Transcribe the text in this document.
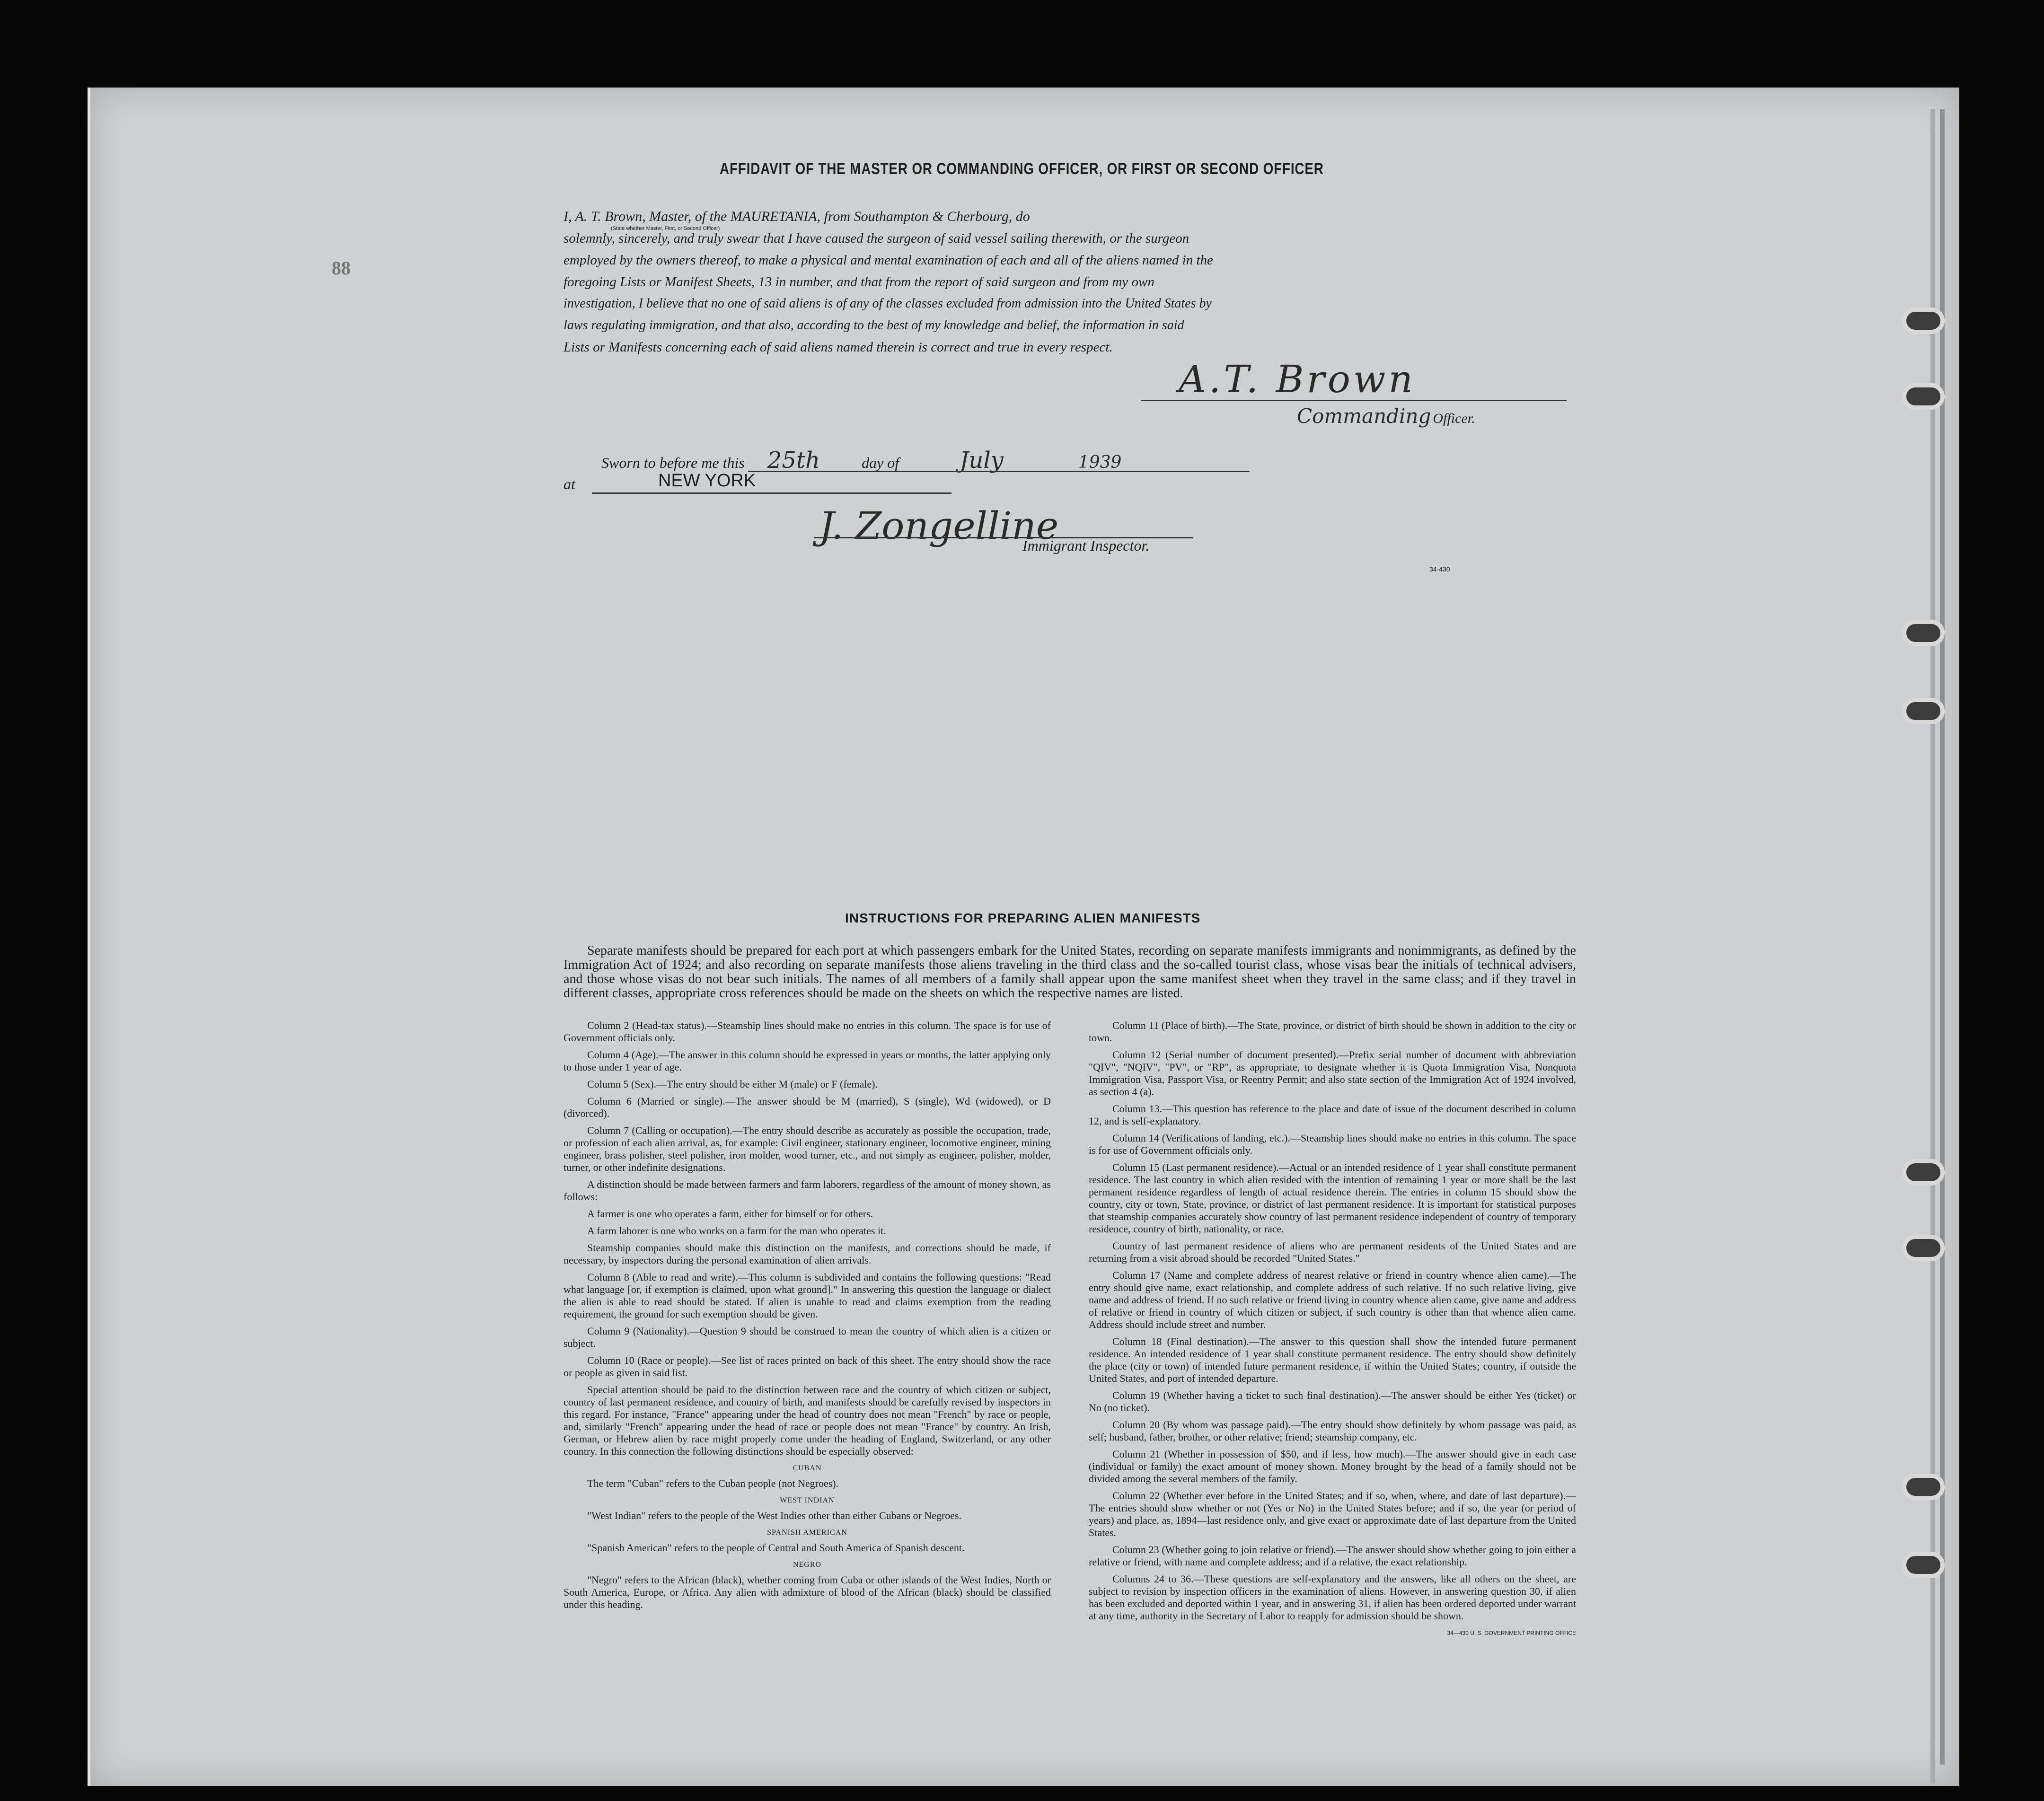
AFFIDAVIT OF THE MASTER OR COMMANDING OFFICER, OR FIRST OR SECOND OFFICER
88
I, A. T. Brown, Master, of the MAURETANIA, from Southampton & Cherbourg, do
solemnly, sincerely, and truly swear that I have caused the surgeon of said vessel sailing therewith, or the surgeon
employed by the owners thereof, to make a physical and mental examination of each and all of the aliens named in the
foregoing Lists or Manifest Sheets, 13 in number, and that from the report of said surgeon and from my own
investigation, I believe that no one of said aliens is of any of the classes excluded from admission into the United States by
laws regulating immigration, and that also, according to the best of my knowledge and belief, the information in said
Lists or Manifests concerning each of said aliens named therein is correct and true in every respect.
(State whether Master, First, or Second Officer)
A.T. Brown
Commanding Officer.
Sworn to before me this 25th	day of	July	1939
at	NEW YORK
J. Zongelline
Immigrant Inspector.
34-430
INSTRUCTIONS FOR PREPARING ALIEN MANIFESTS
Separate manifests should be prepared for each port at which passengers embark for the United States, recording on separate manifests immigrants and nonimmigrants, as defined by the Immigration Act of 1924; and also recording on separate manifests those aliens traveling in the third class and the so-called tourist class, whose visas bear the initials of technical advisers, and those whose visas do not bear such initials. The names of all members of a family shall appear upon the same manifest sheet when they travel in the same class; and if they travel in different classes, appropriate cross references should be made on the sheets on which the respective names are listed.

Column 2 (Head-tax status).—Steamship lines should make no entries in this column. The space is for use of Government officials only.

Column 4 (Age).—The answer in this column should be expressed in years or months, the latter applying only to those under 1 year of age.

Column 5 (Sex).—The entry should be either M (male) or F (female).

Column 6 (Married or single).—The answer should be M (married), S (single), Wd (widowed), or D (divorced).

Column 7 (Calling or occupation).—The entry should describe as accurately as possible the occupation, trade, or profession of each alien arrival, as, for example: Civil engineer, stationary engineer, locomotive engineer, mining engineer, brass polisher, steel polisher, iron molder, wood turner, etc., and not simply as engineer, polisher, molder, turner, or other indefinite designations.

A distinction should be made between farmers and farm laborers, regardless of the amount of money shown, as follows:

A farmer is one who operates a farm, either for himself or for others.

A farm laborer is one who works on a farm for the man who operates it.

Steamship companies should make this distinction on the manifests, and corrections should be made, if necessary, by inspectors during the personal examination of alien arrivals.

Column 8 (Able to read and write).—This column is subdivided and contains the following questions: "Read what language [or, if exemption is claimed, upon what ground]." In answering this question the language or dialect the alien is able to read should be stated. If alien is unable to read and claims exemption from the reading requirement, the ground for such exemption should be given.

Column 9 (Nationality).—Question 9 should be construed to mean the country of which alien is a citizen or subject.

Column 10 (Race or people).—See list of races printed on back of this sheet. The entry should show the race or people as given in said list.

Special attention should be paid to the distinction between race and the country of which citizen or subject, country of last permanent residence, and country of birth, and manifests should be carefully revised by inspectors in this regard. For instance, "France" appearing under the head of country does not mean "French" by race or people, and, similarly "French" appearing under the head of race or people does not mean "France" by country. An Irish, German, or Hebrew alien by race might properly come under the heading of England, Switzerland, or any other country. In this connection the following distinctions should be especially observed:

CUBAN

The term "Cuban" refers to the Cuban people (not Negroes).

WEST INDIAN

"West Indian" refers to the people of the West Indies other than either Cubans or Negroes.

SPANISH AMERICAN

"Spanish American" refers to the people of Central and South America of Spanish descent.

NEGRO

"Negro" refers to the African (black), whether coming from Cuba or other islands of the West Indies, North or South America, Europe, or Africa. Any alien with admixture of blood of the African (black) should be classified under this heading.

Column 11 (Place of birth).—The State, province, or district of birth should be shown in addition to the city or town.

Column 12 (Serial number of document presented).—Prefix serial number of document with abbreviation "QIV", "NQIV", "PV", or "RP", as appropriate, to designate whether it is Quota Immigration Visa, Nonquota Immigration Visa, Passport Visa, or Reentry Permit; and also state section of the Immigration Act of 1924 involved, as section 4 (a).

Column 13.—This question has reference to the place and date of issue of the document described in column 12, and is self-explanatory.

Column 14 (Verifications of landing, etc.).—Steamship lines should make no entries in this column. The space is for use of Government officials only.

Column 15 (Last permanent residence).—Actual or an intended residence of 1 year shall constitute permanent residence. The last country in which alien resided with the intention of remaining 1 year or more shall be the last permanent residence regardless of length of actual residence therein. The entries in column 15 should show the country, city or town, State, province, or district of last permanent residence. It is important for statistical purposes that steamship companies accurately show country of last permanent residence independent of country of temporary residence, country of birth, nationality, or race.

Country of last permanent residence of aliens who are permanent residents of the United States and are returning from a visit abroad should be recorded "United States."

Column 17 (Name and complete address of nearest relative or friend in country whence alien came).—The entry should give name, exact relationship, and complete address of such relative. If no such relative living, give name and address of friend. If no such relative or friend living in country whence alien came, give name and address of relative or friend in country of which citizen or subject, if such country is other than that whence alien came. Address should include street and number.

Column 18 (Final destination).—The answer to this question shall show the intended future permanent residence. An intended residence of 1 year shall constitute permanent residence. The entry should show definitely the place (city or town) of intended future permanent residence, if within the United States; country, if outside the United States, and port of intended departure.

Column 19 (Whether having a ticket to such final destination).—The answer should be either Yes (ticket) or No (no ticket).

Column 20 (By whom was passage paid).—The entry should show definitely by whom passage was paid, as self; husband, father, brother, or other relative; friend; steamship company, etc.

Column 21 (Whether in possession of $50, and if less, how much).—The answer should give in each case (individual or family) the exact amount of money shown. Money brought by the head of a family should not be divided among the several members of the family.

Column 22 (Whether ever before in the United States; and if so, when, where, and date of last departure).—The entries should show whether or not (Yes or No) in the United States before; and if so, the year (or period of years) and place, as, 1894—last residence only, and give exact or approximate date of last departure from the United States.

Column 23 (Whether going to join relative or friend).—The answer should show whether going to join either a relative or friend, with name and complete address; and if a relative, the exact relationship.

Columns 24 to 36.—These questions are self-explanatory and the answers, like all others on the sheet, are subject to revision by inspection officers in the examination of aliens. However, in answering question 30, if alien has been excluded and deported within 1 year, and in answering 31, if alien has been ordered deported under warrant at any time, authority in the Secretary of Labor to reapply for admission should be shown.

34—430 U. S. GOVERNMENT PRINTING OFFICE
